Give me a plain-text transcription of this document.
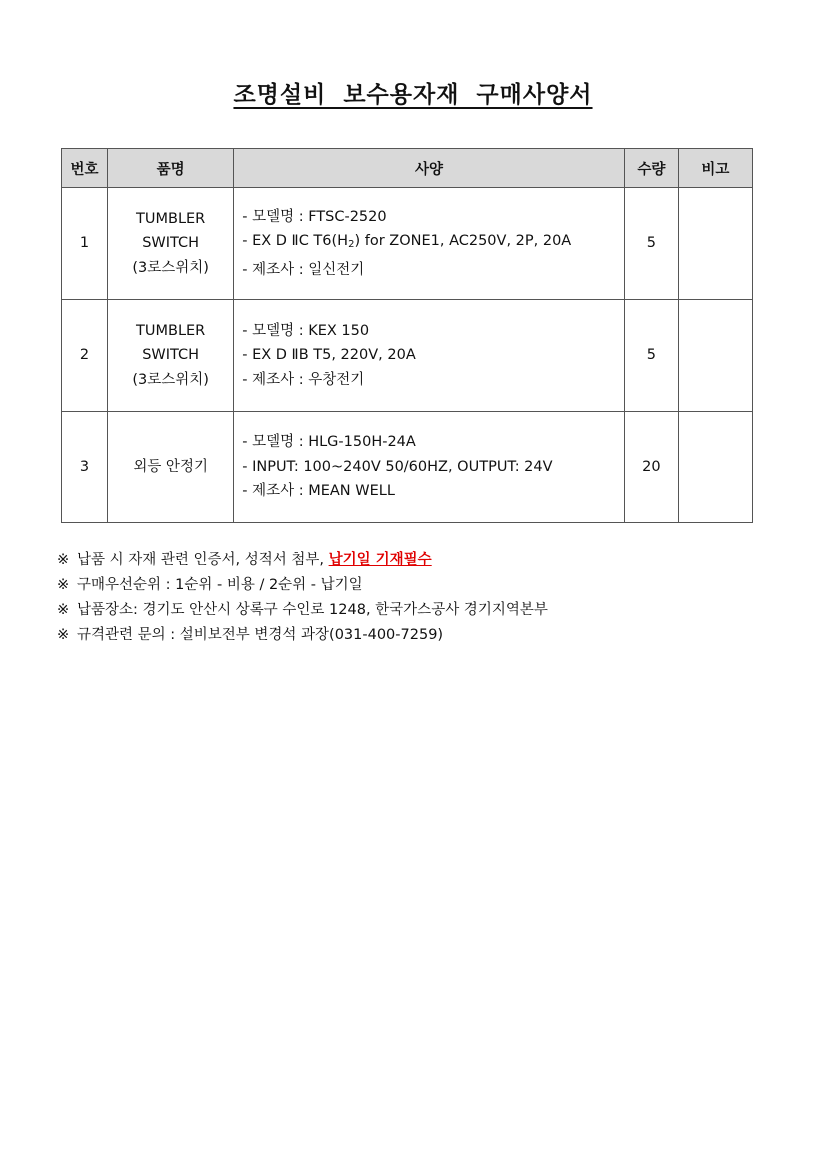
조명설비 보수용자재 구매사양서
번호	품명	사양	수량	비고
1	TUMBLER
SWITCH
(3로스위치)	- 모델명 : FTSC-2520
- EX D ⅡC $T6(H_2)$ for ZONE1, AC250V, 2P, 20A
- 제조사 : 일신전기	5	
2	TUMBLER
SWITCH
(3로스위치)	- 모델명 : KEX 150
- EX D ⅡB T5, 220V, 20A
- 제조사 : 우창전기	5	
3	외등 안정기	- 모델명 : HLG-150H-24A
- INPUT: 100~240V 50/60HZ, OUTPUT: 24V
- 제조사 : MEAN WELL	20	
※ 납품 시 자재 관련 인증서, 성적서 첨부, 납기일 기재필수
※ 구매우선순위 : 1순위 - 비용 / 2순위 - 납기일
※ 납품장소: 경기도 안산시 상록구 수인로 1248, 한국가스공사 경기지역본부
※ 규격관련 문의 : 설비보전부 변경석 과장(031-400-7259)
